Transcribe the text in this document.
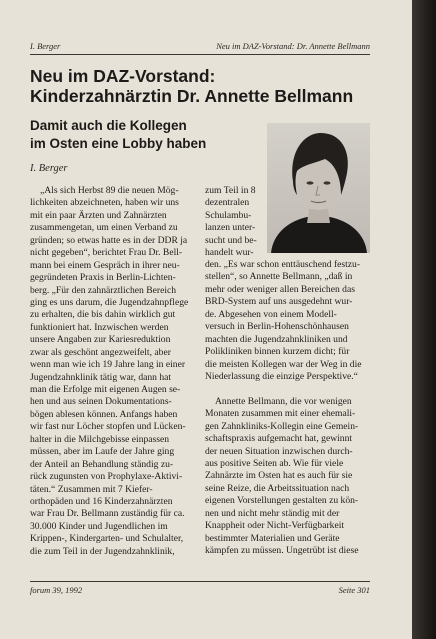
I. Berger	Neu im DAZ-Vorstand: Dr. Annette Bellmann
Neu im DAZ-Vorstand:
Kinderzahnärztin Dr. Annette Bellmann
Damit auch die Kollegen
im Osten eine Lobby haben
I. Berger
„Als sich Herbst 89 die neuen Mög-
lichkeiten abzeichneten, haben wir uns
mit ein paar Ärzten und Zahnärzten
zusammengetan, um einen Verband zu
gründen; so etwas hatte es in der DDR ja
nicht gegeben“, berichtet Frau Dr. Bell-
mann bei einem Gespräch in ihrer neu-
gegründeten Praxis in Berlin-Lichten-
berg. „Für den zahnärztlichen Bereich
ging es uns darum, die Jugendzahnpflege
zu erhalten, die bis dahin wirklich gut
funktioniert hat. Inzwischen werden
unsere Angaben zur Kariesreduktion
zwar als geschönt angezweifelt, aber
wenn man wie ich 19 Jahre lang in einer
Jugendzahnklinik tätig war, dann hat
man die Erfolge mit eigenen Augen se-
hen und aus seinen Dokumentations-
bögen ablesen können. Anfangs haben
wir fast nur Löcher stopfen und Lücken-
halter in die Milchgebisse einpassen
müssen, aber im Laufe der Jahre ging
der Anteil an Behandlung ständig zu-
rück zugunsten von Prophylaxe-Aktivi-
täten.“ Zusammen mit 7 Kiefer-
orthopäden und 16 Kinderzahnärzten
war Frau Dr. Bellmann zuständig für ca.
30.000 Kinder und Jugendlichen im
Krippen-, Kindergarten- und Schulalter,
die zum Teil in der Jugendzahnklinik,
zum Teil in 8
dezentralen
Schulambu-
lanzen unter-
sucht und be-
handelt wur-
den. „Es war schon enttäuschend festzu-
stellen“, so Annette Bellmann, „daß in
mehr oder weniger allen Bereichen das
BRD-System auf uns ausgedehnt wur-
de. Abgesehen von einem Modell-
versuch in Berlin-Hohenschönhausen
machten die Jugendzahnkliniken und
Polikliniken binnen kurzem dicht; für
die meisten Kollegen war der Weg in die
Niederlassung die einzige Perspektive.“

Annette Bellmann, die vor wenigen
Monaten zusammen mit einer ehemali-
gen Zahnkliniks-Kollegin eine Gemein-
schaftspraxis aufgemacht hat, gewinnt
der neuen Situation inzwischen durch-
aus positive Seiten ab. Wie für viele
Zahnärzte im Osten hat es auch für sie
seine Reize, die Arbeitssituation nach
eigenen Vorstellungen gestalten zu kön-
nen und nicht mehr ständig mit der
Knappheit oder Nicht-Verfügbarkeit
bestimmter Materialien und Geräte
kämpfen zu müssen. Ungetrübt ist diese
forum 39, 1992	Seite 301
